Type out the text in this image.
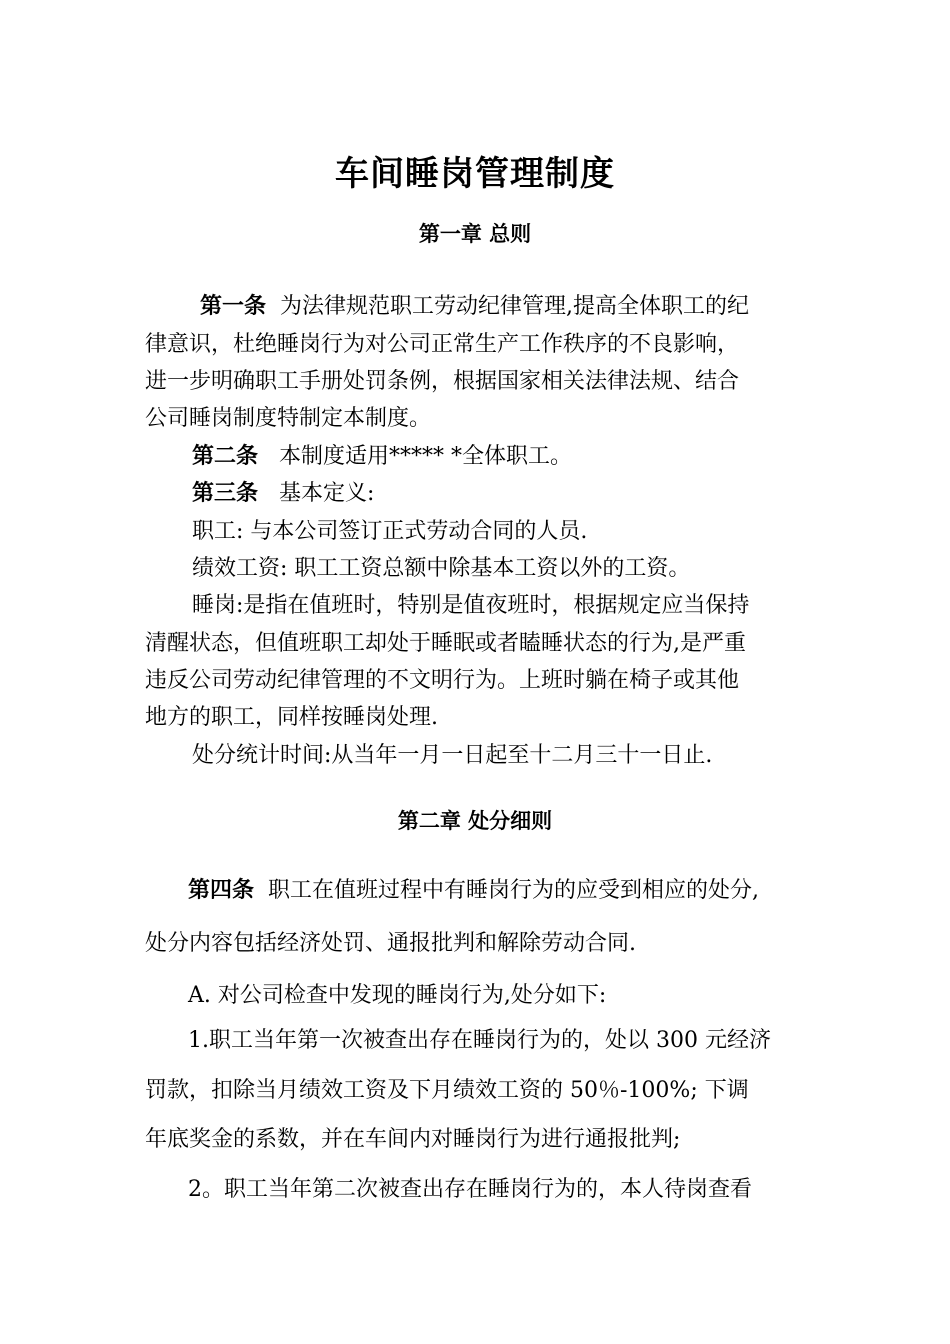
车间睡岗管理制度
第一章 总则
第一条 为法律规范职工劳动纪律管理,提高全体职工的纪
律意识，杜绝睡岗行为对公司正常生产工作秩序的不良影响，
进一步明确职工手册处罚条例，根据国家相关法律法规、结合
公司睡岗制度特制定本制度。
第二条 本制度适用***** *全体职工。
第三条 基本定义:
职工: 与本公司签订正式劳动合同的人员.
绩效工资: 职工工资总额中除基本工资以外的工资。
睡岗:是指在值班时，特别是值夜班时，根据规定应当保持
清醒状态，但值班职工却处于睡眠或者瞌睡状态的行为,是严重
违反公司劳动纪律管理的不文明行为。上班时躺在椅子或其他
地方的职工，同样按睡岗处理.
处分统计时间:从当年一月一日起至十二月三十一日止.
第二章 处分细则
第四条 职工在值班过程中有睡岗行为的应受到相应的处分,
处分内容包括经济处罚、通报批判和解除劳动合同.
A. 对公司检查中发现的睡岗行为,处分如下:
1.职工当年第一次被查出存在睡岗行为的，处以 300 元经济
罚款，扣除当月绩效工资及下月绩效工资的 50％-100%; 下调
年底奖金的系数，并在车间内对睡岗行为进行通报批判;
2。职工当年第二次被查出存在睡岗行为的，本人待岗查看
